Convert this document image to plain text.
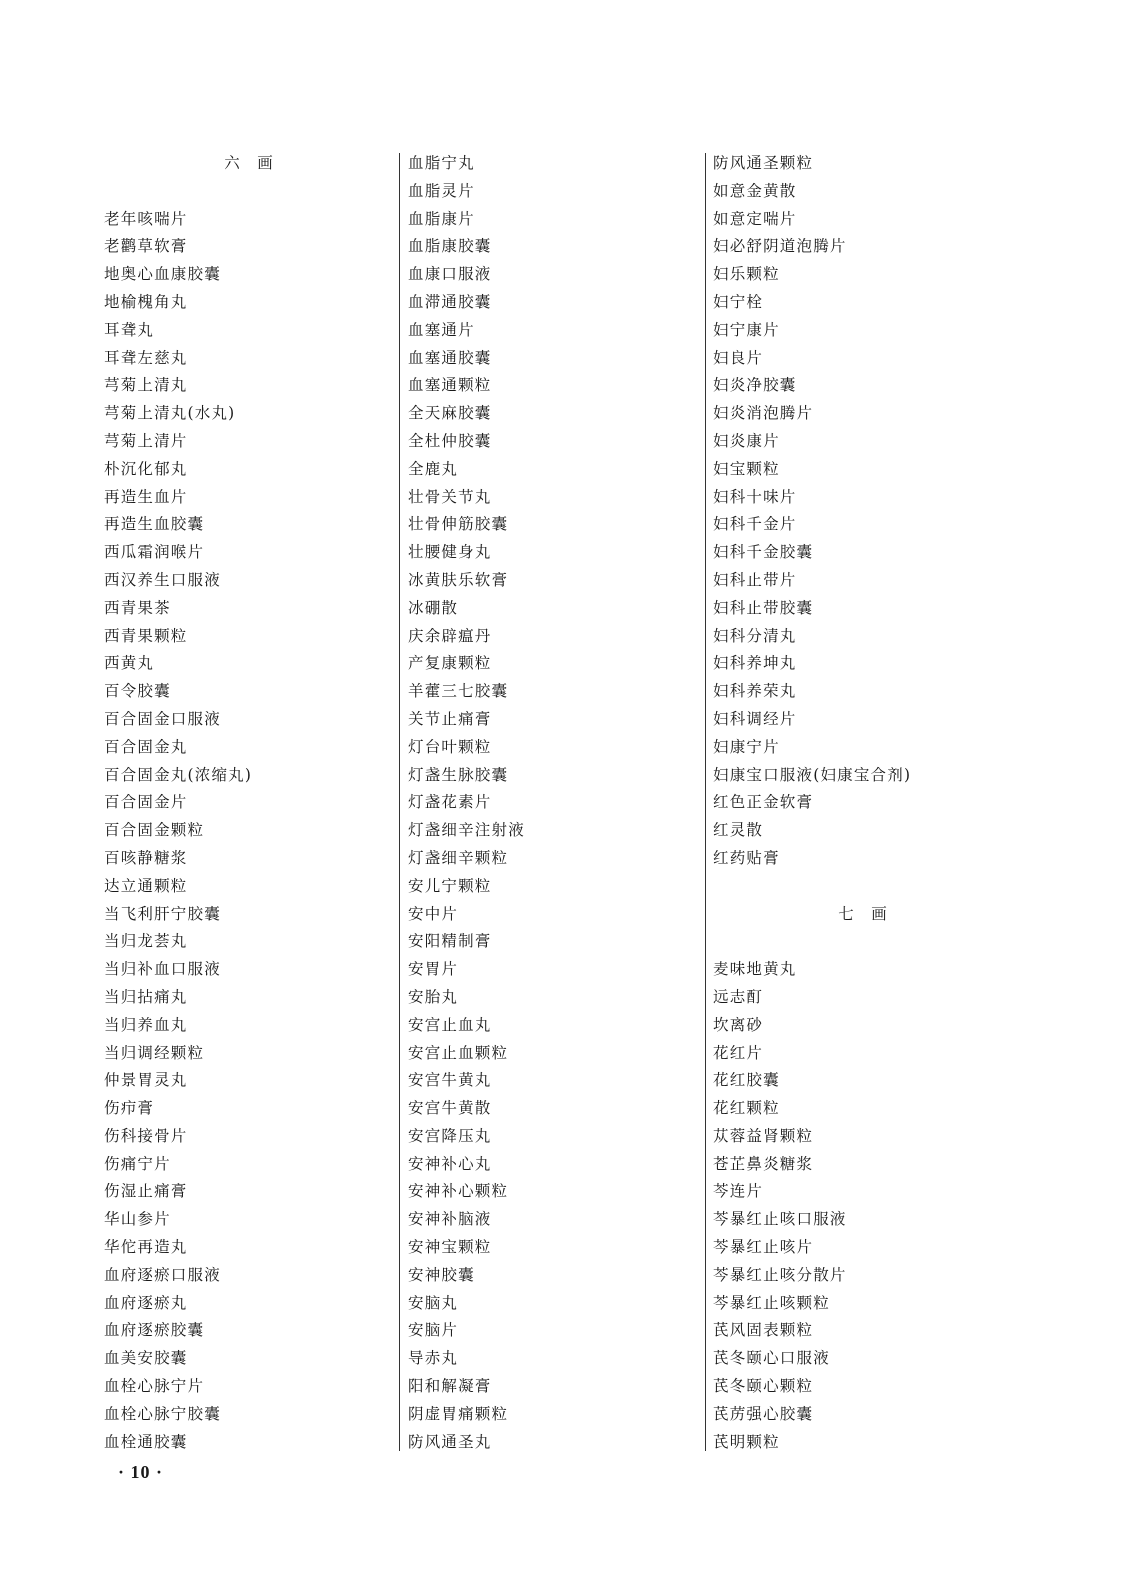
六　画
老年咳喘片
老鹳草软膏
地奥心血康胶囊
地榆槐角丸
耳聋丸
耳聋左慈丸
芎菊上清丸
芎菊上清丸(水丸)
芎菊上清片
朴沉化郁丸
再造生血片
再造生血胶囊
西瓜霜润喉片
西汉养生口服液
西青果茶
西青果颗粒
西黄丸
百令胶囊
百合固金口服液
百合固金丸
百合固金丸(浓缩丸)
百合固金片
百合固金颗粒
百咳静糖浆
达立通颗粒
当飞利肝宁胶囊
当归龙荟丸
当归补血口服液
当归拈痛丸
当归养血丸
当归调经颗粒
仲景胃灵丸
伤疖膏
伤科接骨片
伤痛宁片
伤湿止痛膏
华山参片
华佗再造丸
血府逐瘀口服液
血府逐瘀丸
血府逐瘀胶囊
血美安胶囊
血栓心脉宁片
血栓心脉宁胶囊
血栓通胶囊
血脂宁丸
血脂灵片
血脂康片
血脂康胶囊
血康口服液
血滞通胶囊
血塞通片
血塞通胶囊
血塞通颗粒
全天麻胶囊
全杜仲胶囊
全鹿丸
壮骨关节丸
壮骨伸筋胶囊
壮腰健身丸
冰黄肤乐软膏
冰硼散
庆余辟瘟丹
产复康颗粒
羊藿三七胶囊
关节止痛膏
灯台叶颗粒
灯盏生脉胶囊
灯盏花素片
灯盏细辛注射液
灯盏细辛颗粒
安儿宁颗粒
安中片
安阳精制膏
安胃片
安胎丸
安宫止血丸
安宫止血颗粒
安宫牛黄丸
安宫牛黄散
安宫降压丸
安神补心丸
安神补心颗粒
安神补脑液
安神宝颗粒
安神胶囊
安脑丸
安脑片
导赤丸
阳和解凝膏
阴虚胃痛颗粒
防风通圣丸
防风通圣颗粒
如意金黄散
如意定喘片
妇必舒阴道泡腾片
妇乐颗粒
妇宁栓
妇宁康片
妇良片
妇炎净胶囊
妇炎消泡腾片
妇炎康片
妇宝颗粒
妇科十味片
妇科千金片
妇科千金胶囊
妇科止带片
妇科止带胶囊
妇科分清丸
妇科养坤丸
妇科养荣丸
妇科调经片
妇康宁片
妇康宝口服液(妇康宝合剂)
红色正金软膏
红灵散
红药贴膏
七　画
麦味地黄丸
远志酊
坎离砂
花红片
花红胶囊
花红颗粒
苁蓉益肾颗粒
苍芷鼻炎糖浆
芩连片
芩暴红止咳口服液
芩暴红止咳片
芩暴红止咳分散片
芩暴红止咳颗粒
芪风固表颗粒
芪冬颐心口服液
芪冬颐心颗粒
芪苈强心胶囊
芪明颗粒
· 10 ·
